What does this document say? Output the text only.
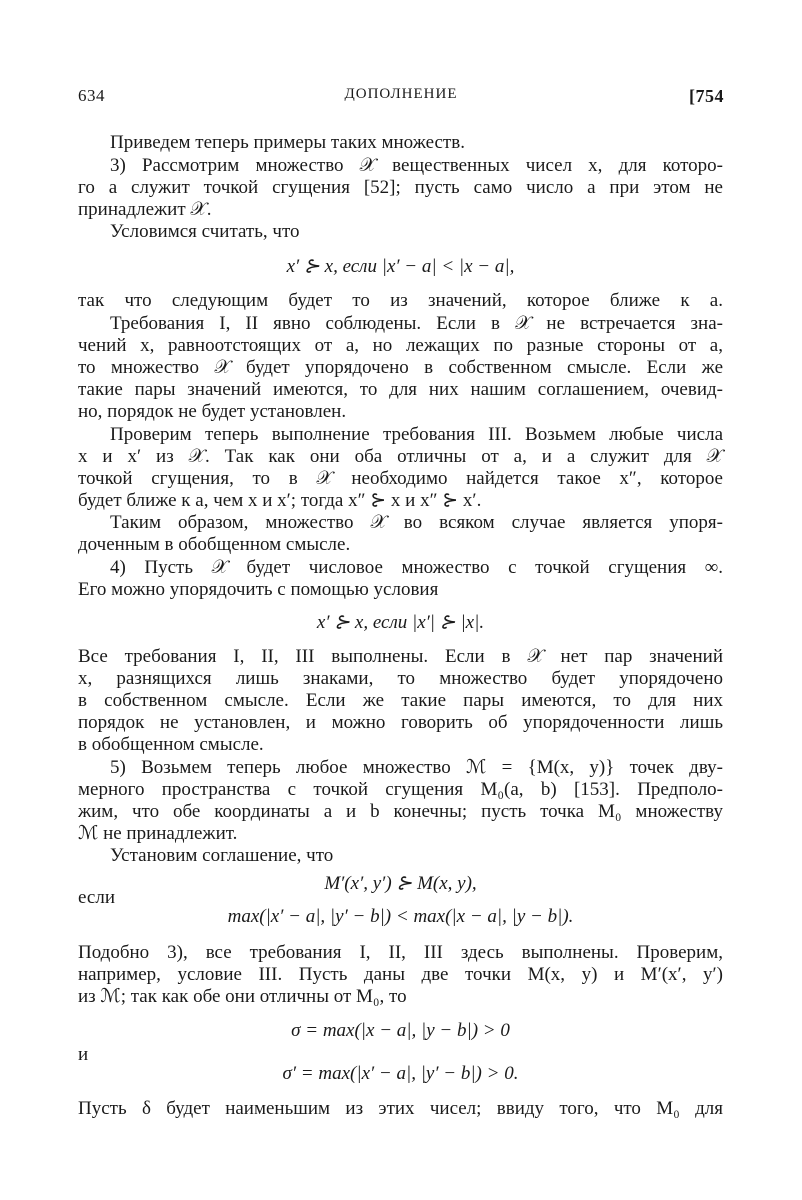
634	ДОПОЛНЕНИЕ	[754
Приведем теперь примеры таких множеств.
3) Рассмотрим множество 𝒳 вещественных чисел x, для которо-
го a служит точкой сгущения [52]; пусть само число a при этом не
принадлежит 𝒳.
Условимся считать, что
x′ ⊱ x, если |x′ − a| < |x − a|,
так что следующим будет то из значений, которое ближе к a.
Требования I, II явно соблюдены. Если в 𝒳 не встречается зна-
чений x, равноотстоящих от a, но лежащих по разные стороны от a,
то множество 𝒳 будет упорядочено в собственном смысле. Если же
такие пары значений имеются, то для них нашим соглашением, очевид-
но, порядок не будет установлен.
Проверим теперь выполнение требования III. Возьмем любые числа
x и x′ из 𝒳. Так как они оба отличны от a, и a служит для 𝒳
точкой сгущения, то в 𝒳 необходимо найдется такое x″, которое
будет ближе к a, чем x и x′; тогда x″ ⊱ x и x″ ⊱ x′.
Таким образом, множество 𝒳 во всяком случае является упоря-
доченным в обобщенном смысле.
4) Пусть 𝒳 будет числовое множество с точкой сгущения ∞.
Его можно упорядочить с помощью условия
x′ ⊱ x, если |x′| ⊱ |x|.
Все требования I, II, III выполнены. Если в 𝒳 нет пар значений
x, разнящихся лишь знаками, то множество будет упорядочено
в собственном смысле. Если же такие пары имеются, то для них
порядок не установлен, и можно говорить об упорядоченности лишь
в обобщенном смысле.
5) Возьмем теперь любое множество ℳ = {M(x, y)} точек дву-
мерного пространства с точкой сгущения M₀(a, b) [153]. Предполо-
жим, что обе координаты a и b конечны; пусть точка M₀ множеству
ℳ не принадлежит.
Установим соглашение, что
M′(x′, y′) ⊱ M(x, y),
если
max(|x′ − a|, |y′ − b|) < max(|x − a|, |y − b|).
Подобно 3), все требования I, II, III здесь выполнены. Проверим,
например, условие III. Пусть даны две точки M(x, y) и M′(x′, y′)
из ℳ; так как обе они отличны от M₀, то
σ = max(|x − a|, |y − b|) > 0
и
σ′ = max(|x′ − a|, |y′ − b|) > 0.
Пусть δ будет наименьшим из этих чисел; ввиду того, что M₀ для
